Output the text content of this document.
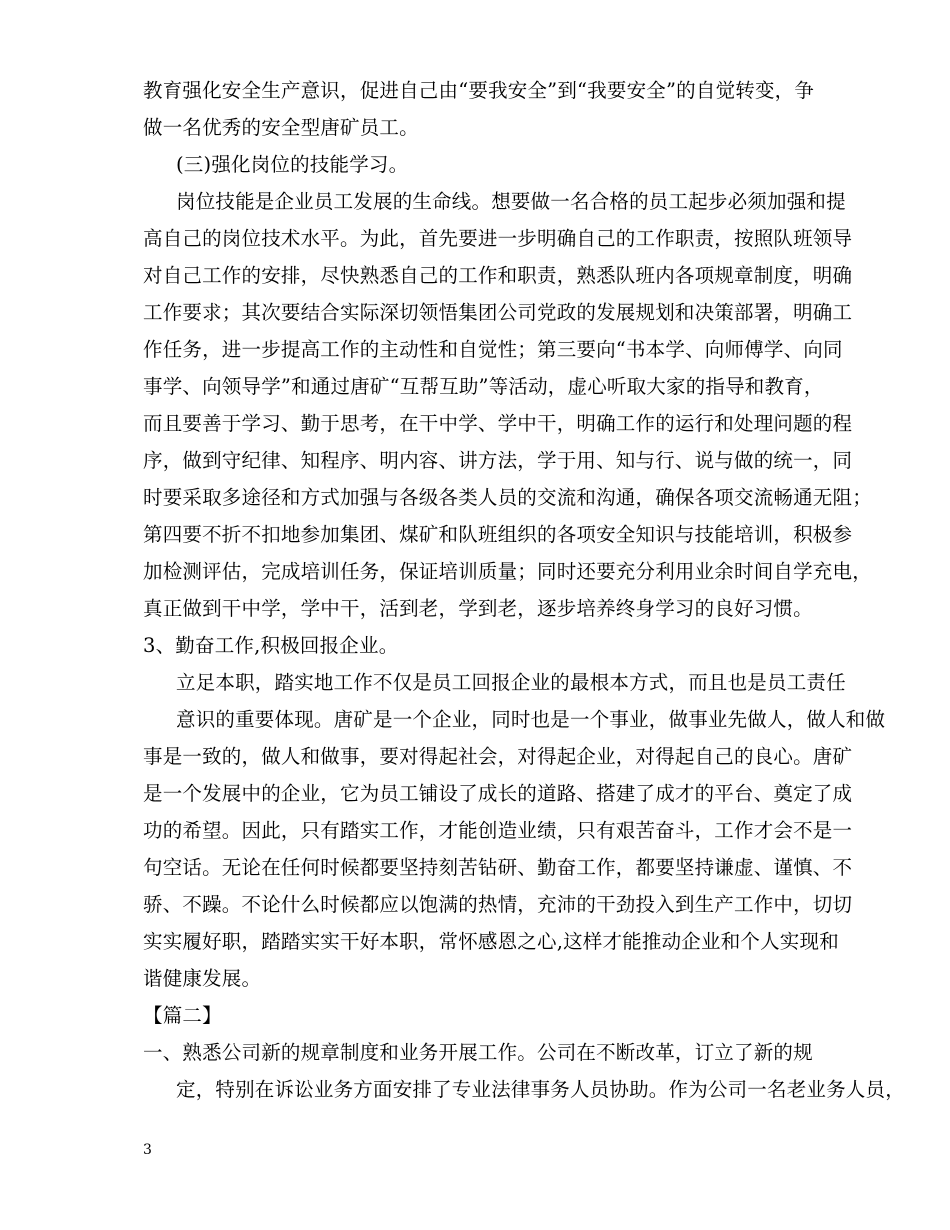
教育强化安全生产意识，促进自己由“要我安全”到“我要安全”的自觉转变，争
做一名优秀的安全型唐矿员工。
(三)强化岗位的技能学习。
岗位技能是企业员工发展的生命线。想要做一名合格的员工起步必须加强和提
高自己的岗位技术水平。为此，首先要进一步明确自己的工作职责，按照队班领导
对自己工作的安排，尽快熟悉自己的工作和职责，熟悉队班内各项规章制度，明确
工作要求；其次要结合实际深切领悟集团公司党政的发展规划和决策部署，明确工
作任务，进一步提高工作的主动性和自觉性；第三要向“书本学、向师傅学、向同
事学、向领导学”和通过唐矿“互帮互助”等活动，虚心听取大家的指导和教育，
而且要善于学习、勤于思考，在干中学、学中干，明确工作的运行和处理问题的程
序，做到守纪律、知程序、明内容、讲方法，学于用、知与行、说与做的统一，同
时要采取多途径和方式加强与各级各类人员的交流和沟通，确保各项交流畅通无阻；
第四要不折不扣地参加集团、煤矿和队班组织的各项安全知识与技能培训，积极参
加检测评估，完成培训任务，保证培训质量；同时还要充分利用业余时间自学充电，
真正做到干中学，学中干，活到老，学到老，逐步培养终身学习的良好习惯。
3、勤奋工作,积极回报企业。
立足本职，踏实地工作不仅是员工回报企业的最根本方式，而且也是员工责任
意识的重要体现。唐矿是一个企业，同时也是一个事业，做事业先做人，做人和做
事是一致的，做人和做事，要对得起社会，对得起企业，对得起自己的良心。唐矿
是一个发展中的企业，它为员工铺设了成长的道路、搭建了成才的平台、奠定了成
功的希望。因此，只有踏实工作，才能创造业绩，只有艰苦奋斗，工作才会不是一
句空话。无论在任何时候都要坚持刻苦钻研、勤奋工作，都要坚持谦虚、谨慎、不
骄、不躁。不论什么时候都应以饱满的热情，充沛的干劲投入到生产工作中，切切
实实履好职，踏踏实实干好本职，常怀感恩之心,这样才能推动企业和个人实现和
谐健康发展。
【篇二】
一、熟悉公司新的规章制度和业务开展工作。公司在不断改革，订立了新的规
定，特别在诉讼业务方面安排了专业法律事务人员协助。作为公司一名老业务人员，
3
